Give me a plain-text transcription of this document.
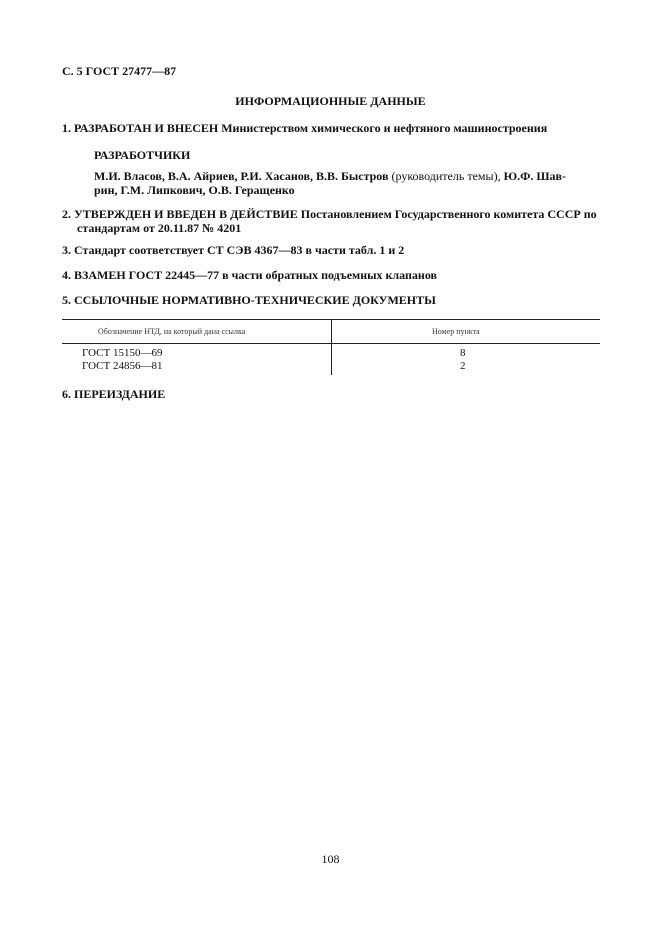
С. 5 ГОСТ 27477—87
ИНФОРМАЦИОННЫЕ ДАННЫЕ
1. РАЗРАБОТАН И ВНЕСЕН Министерством химического и нефтяного машиностроения
РАЗРАБОТЧИКИ
М.И. Власов, В.А. Айриев, Р.И. Хасанов, В.В. Быстров (руководитель темы), Ю.Ф. Шав-
рин, Г.М. Липкович, О.В. Геращенко
2. УТВЕРЖДЕН И ВВЕДЕН В ДЕЙСТВИЕ Постановлением Государственного комитета СССР по
стандартам от 20.11.87 № 4201
3. Стандарт соответствует СТ СЭВ 4367—83 в части табл. 1 и 2
4. ВЗАМЕН ГОСТ 22445—77 в части обратных подъемных клапанов
5. ССЫЛОЧНЫЕ НОРМАТИВНО-ТЕХНИЧЕСКИЕ ДОКУМЕНТЫ
Обозначение НТД, на который дана ссылка	Номер пункта
ГОСТ 15150—69	8
ГОСТ 24856—81	2
6. ПЕРЕИЗДАНИЕ
108
